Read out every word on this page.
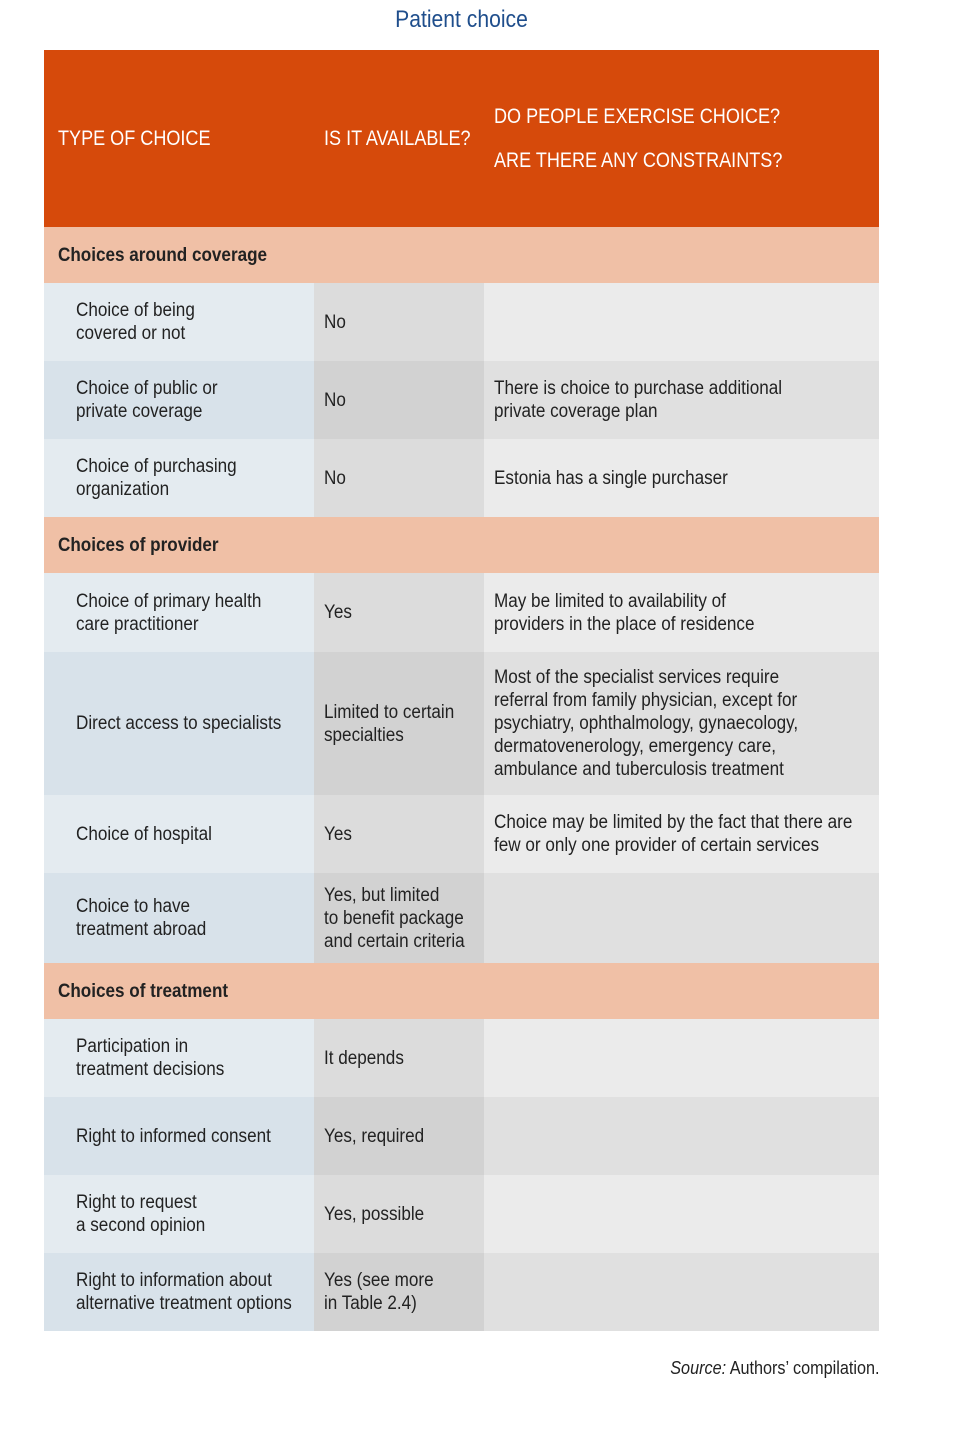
Patient choice
TYPE OF CHOICE	IS IT AVAILABLE?	DO PEOPLE EXERCISE CHOICE?
ARE THERE ANY CONSTRAINTS?

Choices around coverage		

Choice of being
covered or not	No	

Choice of public or
private coverage	No	There is choice to purchase additional
private coverage plan

Choice of purchasing
organization	No	Estonia has a single purchaser

Choices of provider		

Choice of primary health
care practitioner	Yes	May be limited to availability of
providers in the place of residence

Direct access to specialists	Limited to certain
specialties	Most of the specialist services require
referral from family physician, except for
psychiatry, ophthalmology, gynaecology,
dermatovenerology, emergency care,
ambulance and tuberculosis treatment

Choice of hospital	Yes	Choice may be limited by the fact that there are
few or only one provider of certain services

Choice to have
treatment abroad	Yes, but limited
to benefit package
and certain criteria	

Choices of treatment		

Participation in
treatment decisions	It depends	

Right to informed consent	Yes, required	

Right to request
a second opinion	Yes, possible	

Right to information about
alternative treatment options	Yes (see more
in Table 2.4)	

Source: Authors’ compilation.
